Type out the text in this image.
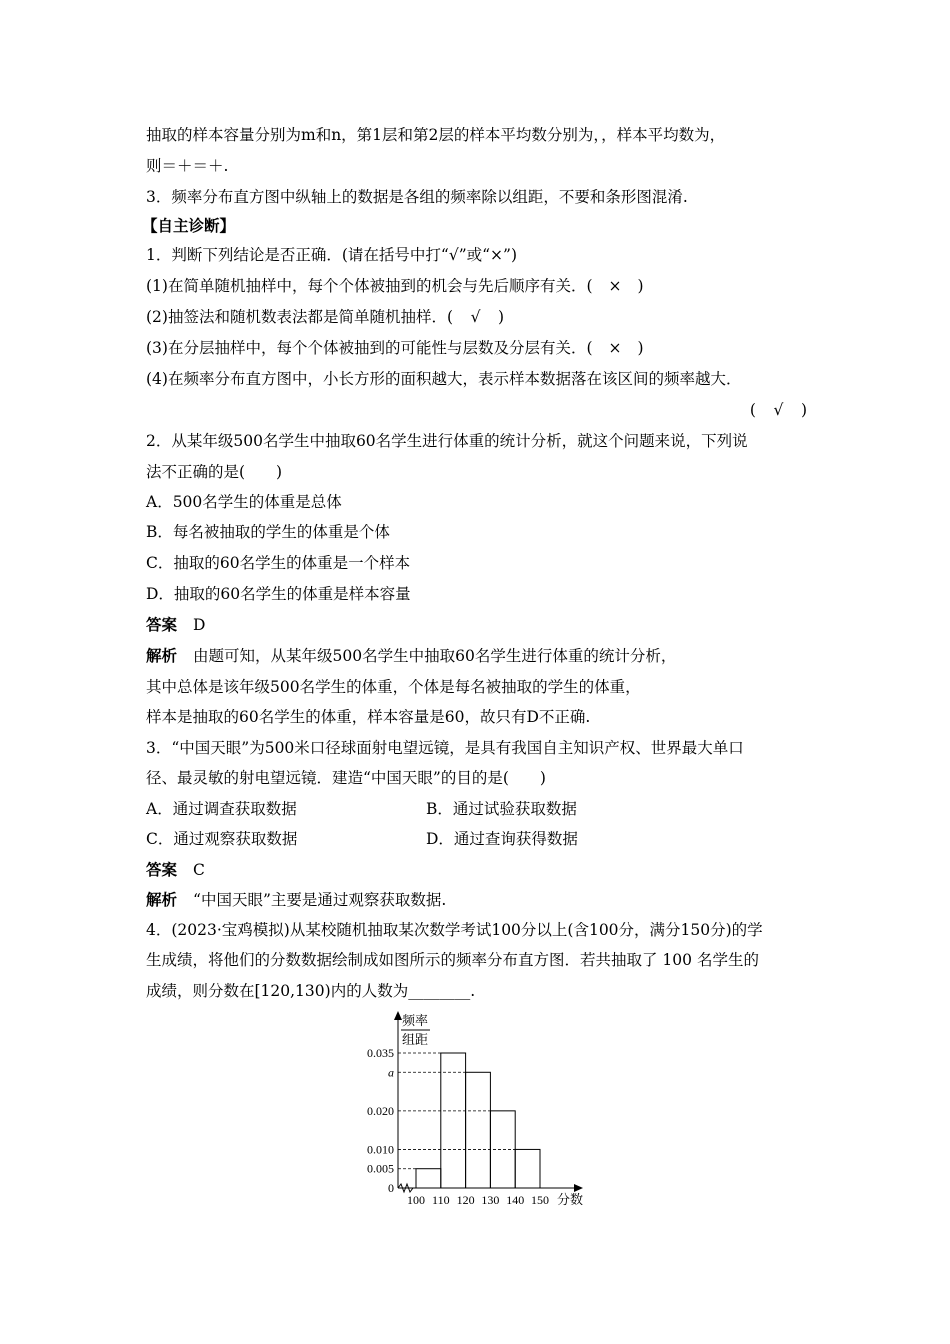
抽取的样本容量分别为m和n，第1层和第2层的样本平均数分别为，，样本平均数为，
则＝＋＝＋.
3．频率分布直方图中纵轴上的数据是各组的频率除以组距，不要和条形图混淆.
【自主诊断】
1．判断下列结论是否正确．(请在括号中打“√”或“×”)
(1)在简单随机抽样中，每个个体被抽到的机会与先后顺序有关．(　×　)
(2)抽签法和随机数表法都是简单随机抽样．(　√　)
(3)在分层抽样中，每个个体被抽到的可能性与层数及分层有关．(　×　)
(4)在频率分布直方图中，小长方形的面积越大，表示样本数据落在该区间的频率越大．
(　√　)
2．从某年级500名学生中抽取60名学生进行体重的统计分析，就这个问题来说，下列说
法不正确的是(　　)
A．500名学生的体重是总体
B．每名被抽取的学生的体重是个体
C．抽取的60名学生的体重是一个样本
D．抽取的60名学生的体重是样本容量
答案 D
解析 由题可知，从某年级500名学生中抽取60名学生进行体重的统计分析，
其中总体是该年级500名学生的体重，个体是每名被抽取的学生的体重，
样本是抽取的60名学生的体重，样本容量是60，故只有D不正确.
3．“中国天眼”为500米口径球面射电望远镜，是具有我国自主知识产权、世界最大单口
径、最灵敏的射电望远镜．建造“中国天眼”的目的是(　　)
A．通过调查获取数据	B．通过试验获取数据
C．通过观察获取数据	D．通过查询获得数据
答案 C
解析 “中国天眼”主要是通过观察获取数据.
4．(2023·宝鸡模拟)从某校随机抽取某次数学考试100分以上(含100分，满分150分)的学
生成绩，将他们的分数数据绘制成如图所示的频率分布直方图．若共抽取了 100 名学生的
成绩，则分数在[120,130)内的人数为________.
频率
组距
0.035
a
0.020
0.010
0.005
0
100 110 120 130 140 150 分数
